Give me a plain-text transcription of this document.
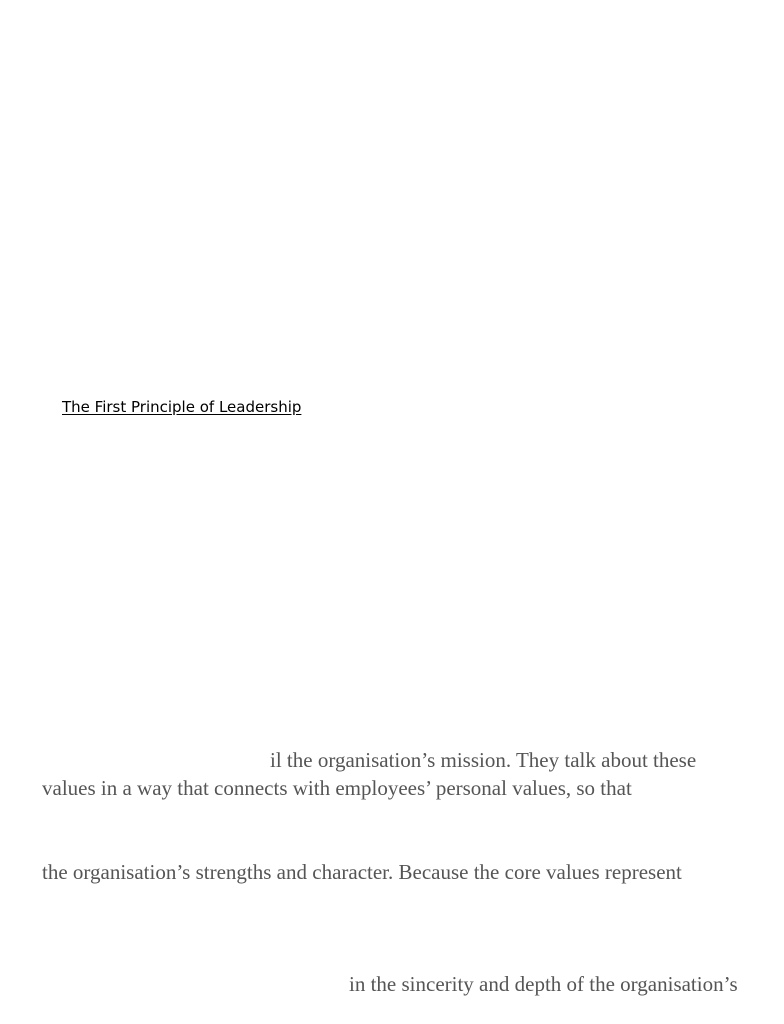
The First Principle of Leadership
il the organisation’s mission. They talk about these
values in a way that connects with employees’ personal values, so that
the organisation’s strengths and character. Because the core values represent
in the sincerity and depth of the organisation’s
